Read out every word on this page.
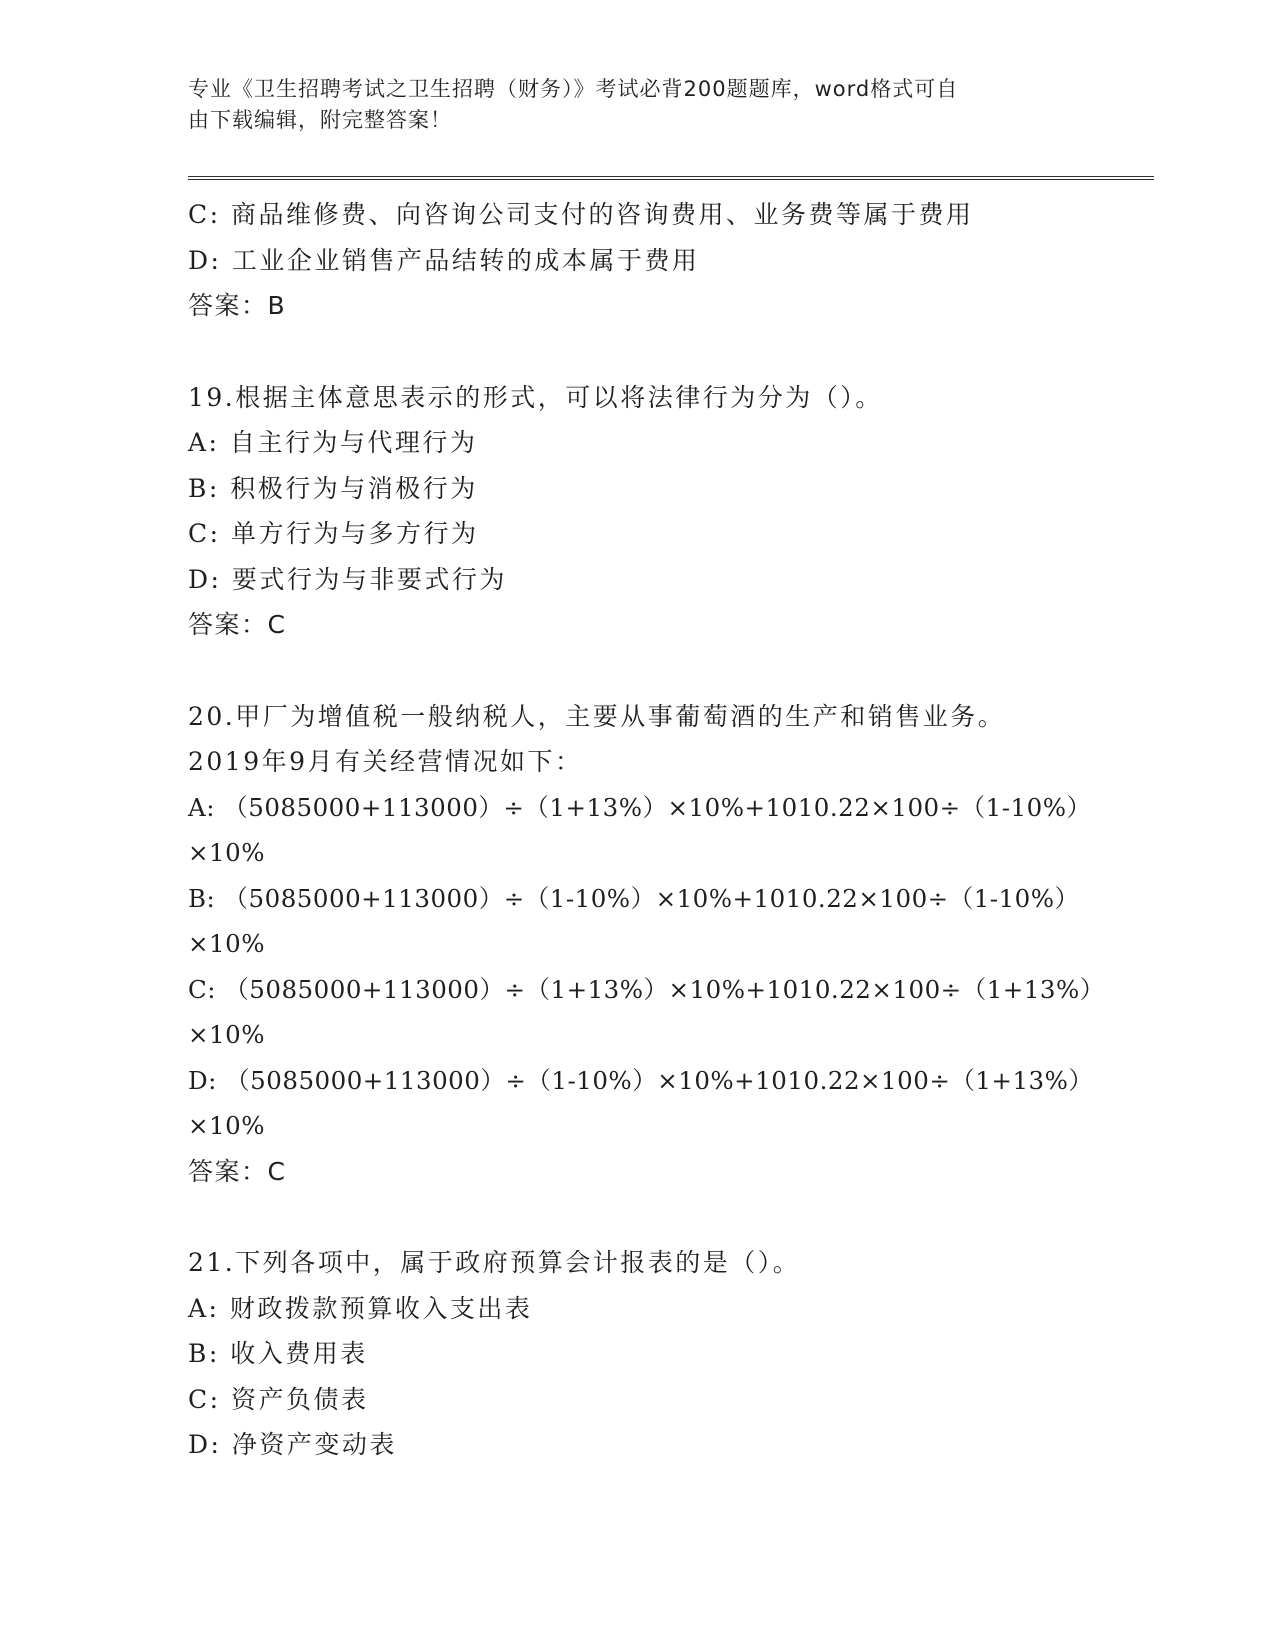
专业《卫生招聘考试之卫生招聘（财务）》考试必背200题题库，word格式可自
由下载编辑，附完整答案！
C: 商品维修费、向咨询公司支付的咨询费用、业务费等属于费用
D: 工业企业销售产品结转的成本属于费用
答案：B
19.根据主体意思表示的形式，可以将法律行为分为（）。
A: 自主行为与代理行为
B: 积极行为与消极行为
C: 单方行为与多方行为
D: 要式行为与非要式行为
答案：C
20.甲厂为增值税一般纳税人，主要从事葡萄酒的生产和销售业务。
2019年9月有关经营情况如下：
A: （5085000+113000）÷（1+13%）×10%+1010.22×100÷（1-10%）
×10%
B: （5085000+113000）÷（1-10%）×10%+1010.22×100÷（1-10%）
×10%
C: （5085000+113000）÷（1+13%）×10%+1010.22×100÷（1+13%）
×10%
D: （5085000+113000）÷（1-10%）×10%+1010.22×100÷（1+13%）
×10%
答案：C
21.下列各项中，属于政府预算会计报表的是（）。
A: 财政拨款预算收入支出表
B: 收入费用表
C: 资产负债表
D: 净资产变动表
